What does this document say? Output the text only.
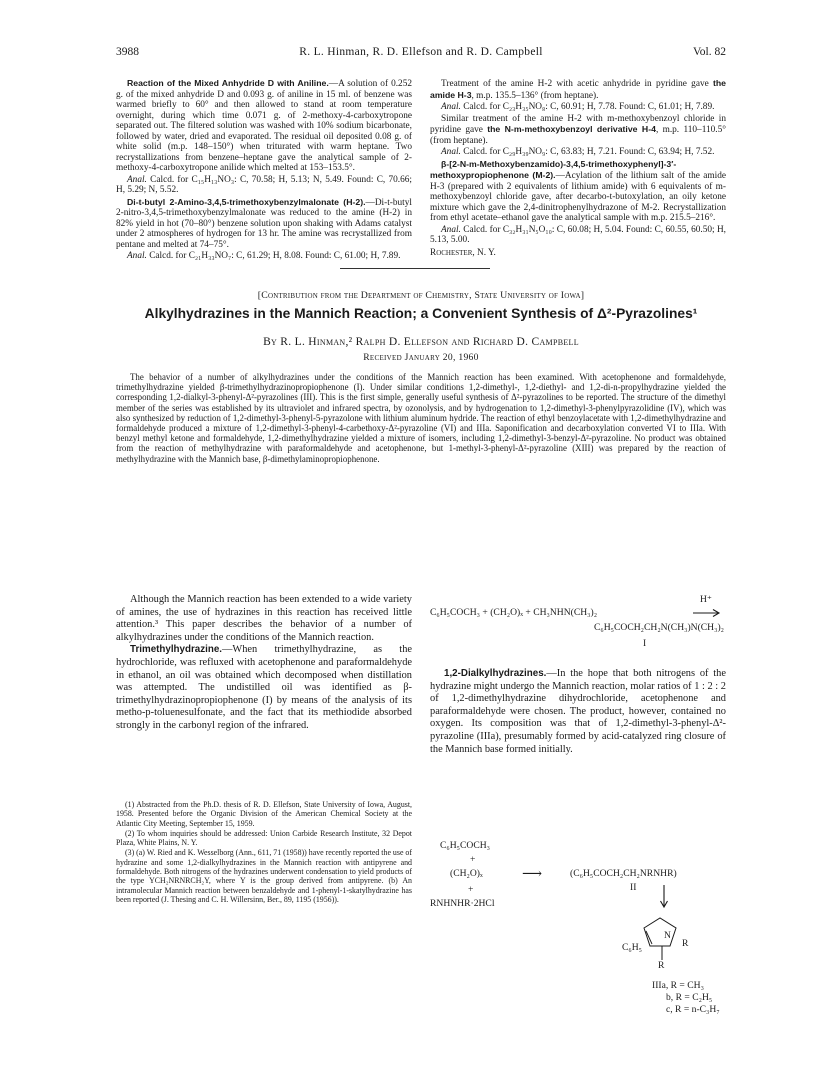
3988	R. L. Hinman, R. D. Ellefson and R. D. Campbell	Vol. 82

Reaction of the Mixed Anhydride D with Aniline.—A solution of 0.252 g. of the mixed anhydride D and 0.093 g. of aniline in 15 ml. of benzene was warmed briefly to 60° and then allowed to stand at room temperature overnight, during which time 0.071 g. of 2-methoxy-4-carboxytropone separated out. The filtered solution was washed with 10% sodium bicarbonate, followed by water, dried and evaporated. The residual oil deposited 0.08 g. of white solid (m.p. 148–150°) when triturated with warm heptane. Two recrystallizations from benzene–heptane gave the analytical sample of 2-methoxy-4-carboxytropone anilide which melted at 153–153.5°.

Anal. Calcd. for C₁₅H₁₃NO₃: C, 70.58; H, 5.13; N, 5.49. Found: C, 70.66; H, 5.29; N, 5.52.

Di-t-butyl 2-Amino-3,4,5-trimethoxybenzylmalonate (H-2).—Di-t-butyl 2-nitro-3,4,5-trimethoxybenzylmalonate was reduced to the amine (H-2) in 82% yield in hot (70–80°) benzene solution upon shaking with Adams catalyst under 2 atmospheres of hydrogen for 13 hr. The amine was recrystallized from pentane and melted at 74–75°.

Anal. Calcd. for C₂₁H₃₃NO₇: C, 61.29; H, 8.08. Found: C, 61.00; H, 7.89.

Treatment of the amine H-2 with acetic anhydride in pyridine gave the amide H-3, m.p. 135.5–136° (from heptane).

Anal. Calcd. for C₂₃H₃₅NO₈: C, 60.91; H, 7.78. Found: C, 61.01; H, 7.89.

Similar treatment of the amine H-2 with m-methoxybenzoyl chloride in pyridine gave the N-m-methoxybenzoyl derivative H-4, m.p. 110–110.5° (from heptane).

Anal. Calcd. for C₂₉H₃₉NO₉: C, 63.83; H, 7.21. Found: C, 63.94; H, 7.52.

β-[2-N-m-Methoxybenzamido)-3,4,5-trimethoxyphenyl]-3′-methoxypropiophenone (M-2).—Acylation of the lithium salt of the amide H-3 (prepared with 2 equivalents of lithium amide) with 6 equivalents of m-methoxybenzoyl chloride gave, after decarbo-t-butoxylation, an oily ketone mixture which gave the 2,4-dinitrophenylhydrazone of M-2. Recrystallization from ethyl acetate–ethanol gave the analytical sample with m.p. 215.5–216°.

Anal. Calcd. for C₃₂H₃₁N₅O₁₀: C, 60.08; H, 5.04. Found: C, 60.55, 60.50; H, 5.13, 5.00.

Rochester, N. Y.

[Contribution from the Department of Chemistry, State University of Iowa]
Alkylhydrazines in the Mannich Reaction; a Convenient Synthesis of Δ²-Pyrazolines¹
By R. L. Hinman,² Ralph D. Ellefson and Richard D. Campbell
Received January 20, 1960

The behavior of a number of alkylhydrazines under the conditions of the Mannich reaction has been examined. With acetophenone and formaldehyde, trimethylhydrazine yielded β-trimethylhydrazinopropiophenone (I). Under similar conditions 1,2-dimethyl-, 1,2-diethyl- and 1,2-di-n-propylhydrazine yielded the corresponding 1,2-dialkyl-3-phenyl-Δ²-pyrazolines (III). This is the first simple, generally useful synthesis of Δ²-pyrazolines to be reported. The structure of the dimethyl member of the series was established by its ultraviolet and infrared spectra, by ozonolysis, and by hydrogenation to 1,2-dimethyl-3-phenylpyrazolidine (IV), which was also synthesized by reduction of 1,2-dimethyl-3-phenyl-5-pyrazolone with lithium aluminum hydride. The reaction of ethyl benzoylacetate with 1,2-dimethylhydrazine and formaldehyde produced a mixture of 1,2-dimethyl-3-phenyl-4-carbethoxy-Δ²-pyrazoline (VI) and IIIa. Saponification and decarboxylation converted VI to IIIa. With benzyl methyl ketone and formaldehyde, 1,2-dimethylhydrazine yielded a mixture of isomers, including 1,2-dimethyl-3-benzyl-Δ²-pyrazoline. No product was obtained from the reaction of methylhydrazine with paraformaldehyde and acetophenone, but 1-methyl-3-phenyl-Δ²-pyrazoline (XIII) was prepared by the reaction of methylhydrazine with the Mannich base, β-dimethylaminopropiophenone.

Although the Mannich reaction has been extended to a wide variety of amines, the use of hydrazines in this reaction has received little attention.³ This paper describes the behavior of a number of alkylhydrazines under the conditions of the Mannich reaction.

Trimethylhydrazine.—When trimethylhydrazine, as the hydrochloride, was refluxed with acetophenone and paraformaldehyde in ethanol, an oil was obtained which decomposed when distillation was attempted. The undistilled oil was identified as β-trimethylhydrazinopropiophenone (I) by means of the analysis of its metho-p-toluenesulfonate, and the fact that its methiodide absorbed strongly in the carbonyl region of the infrared.

(1) Abstracted from the Ph.D. thesis of R. D. Ellefson, State University of Iowa, August, 1958. Presented before the Organic Division of the American Chemical Society at the Atlantic City Meeting, September 15, 1959.

(2) To whom inquiries should be addressed: Union Carbide Research Institute, 32 Depot Plaza, White Plains, N. Y.

(3) (a) W. Ried and K. Wesselborg (Ann., 611, 71 (1958)) have recently reported the use of hydrazine and some 1,2-dialkylhydrazines in the Mannich reaction with antipyrene and formaldehyde. Both nitrogens of the hydrazines underwent condensation to yield products of the type YCH₂NRNRCH₂Y, where Y is the group derived from antipyrene. (b) An intramolecular Mannich reaction between benzaldehyde and 1-phenyl-1-skatylhydrazine has been reported (J. Thesing and C. H. Willersinn, Ber., 89, 1195 (1956)).

H⁺
C₆H₅COCH₃ + (CH₂O)ₓ + CH₃NHN(CH₃)₂
C₆H₅COCH₂CH₂N(CH₃)N(CH₃)₂
I

1,2-Dialkylhydrazines.—In the hope that both nitrogens of the hydrazine might undergo the Mannich reaction, molar ratios of 1 : 2 : 2 of 1,2-dimethylhydrazine dihydrochloride, acetophenone and paraformaldehyde were chosen. The product, however, contained no oxygen. Its composition was that of 1,2-dimethyl-3-phenyl-Δ²-pyrazoline (IIIa), presumably formed by acid-catalyzed ring closure of the Mannich base formed initially.

C₆H₅COCH₃
+
(CH₂O)ₓ	⟶	(C₆H₅COCH₂CH₂NRNHR)
II
+
RNHNHR·2HCl
N
R
C₆H₅
R
IIIa, R = CH₃
b, R = C₂H₅
c, R = n-C₃H₇
